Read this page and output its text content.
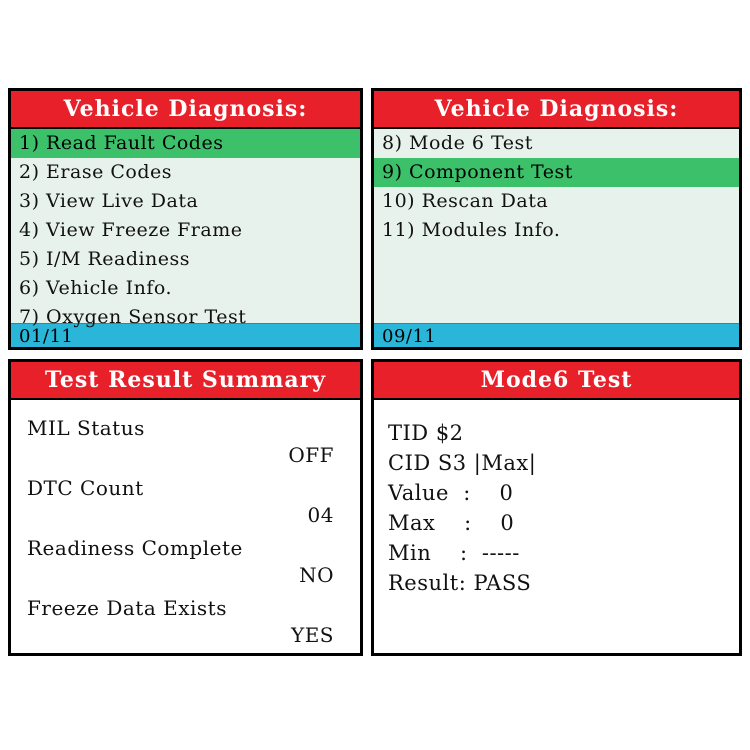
Vehicle Diagnosis:
1) Read Fault Codes
2) Erase Codes
3) View Live Data
4) View Freeze Frame
5) I/M Readiness
6) Vehicle Info.
7) Oxygen Sensor Test
01/11
Vehicle Diagnosis:
8) Mode 6 Test
9) Component Test
10) Rescan Data
11) Modules Info.
09/11
Test Result Summary
MIL Status
OFF
DTC Count
04
Readiness Complete
NO
Freeze Data Exists
YES
Mode6 Test
TID $2
CID S3 |Max|
Value  :    0
Max    :    0
Min    :  -----
Result: PASS
